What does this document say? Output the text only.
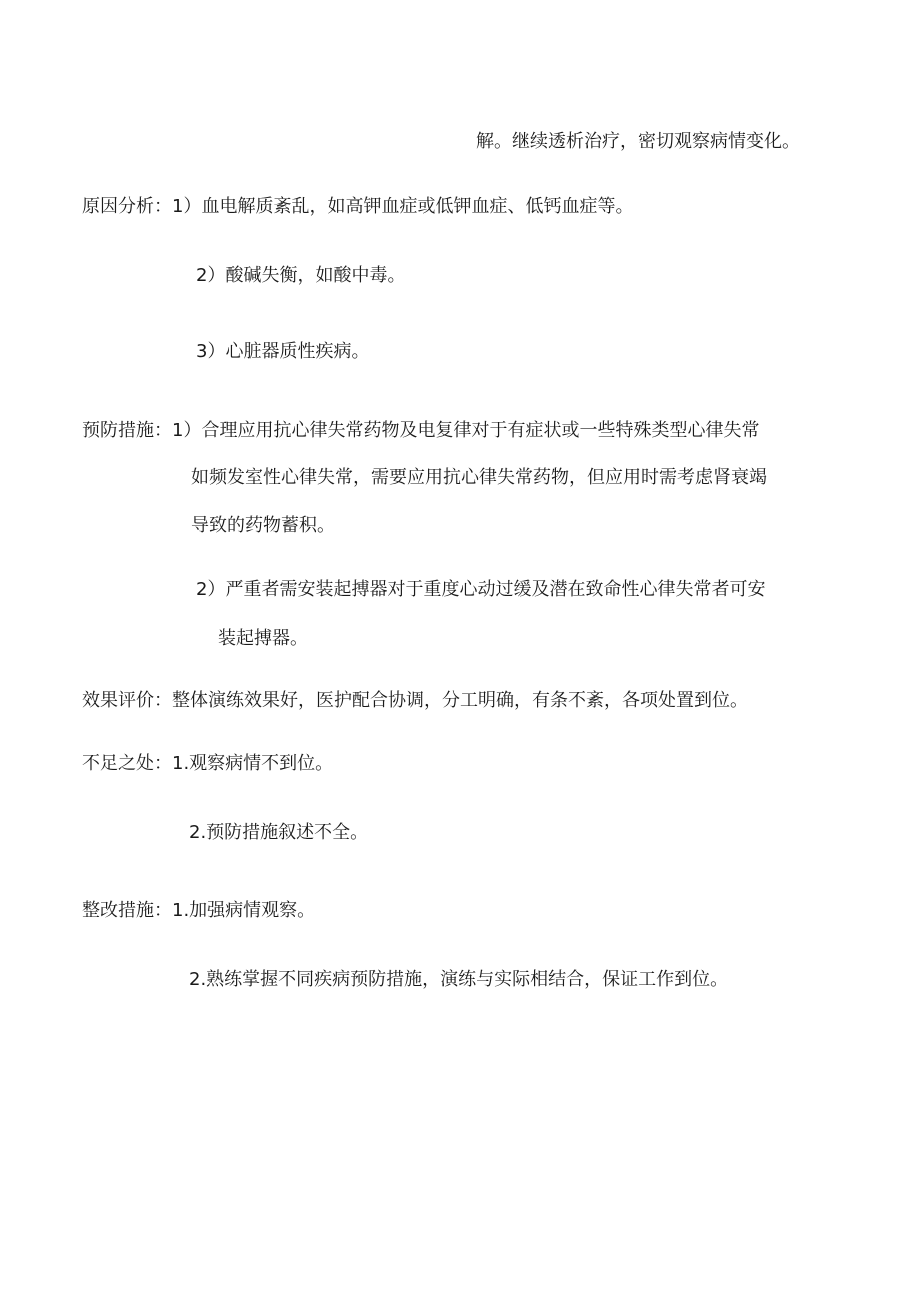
解。继续透析治疗，密切观察病情变化。
原因分析：1）血电解质紊乱，如高钾血症或低钾血症、低钙血症等。
2）酸碱失衡，如酸中毒。
3）心脏器质性疾病。
预防措施：1）合理应用抗心律失常药物及电复律对于有症状或一些特殊类型心律失常
如频发室性心律失常，需要应用抗心律失常药物，但应用时需考虑肾衰竭
导致的药物蓄积。
2）严重者需安装起搏器对于重度心动过缓及潜在致命性心律失常者可安
装起搏器。
效果评价：整体演练效果好，医护配合协调，分工明确，有条不紊，各项处置到位。
不足之处：1.观察病情不到位。
2.预防措施叙述不全。
整改措施：1.加强病情观察。
2.熟练掌握不同疾病预防措施，演练与实际相结合，保证工作到位。
